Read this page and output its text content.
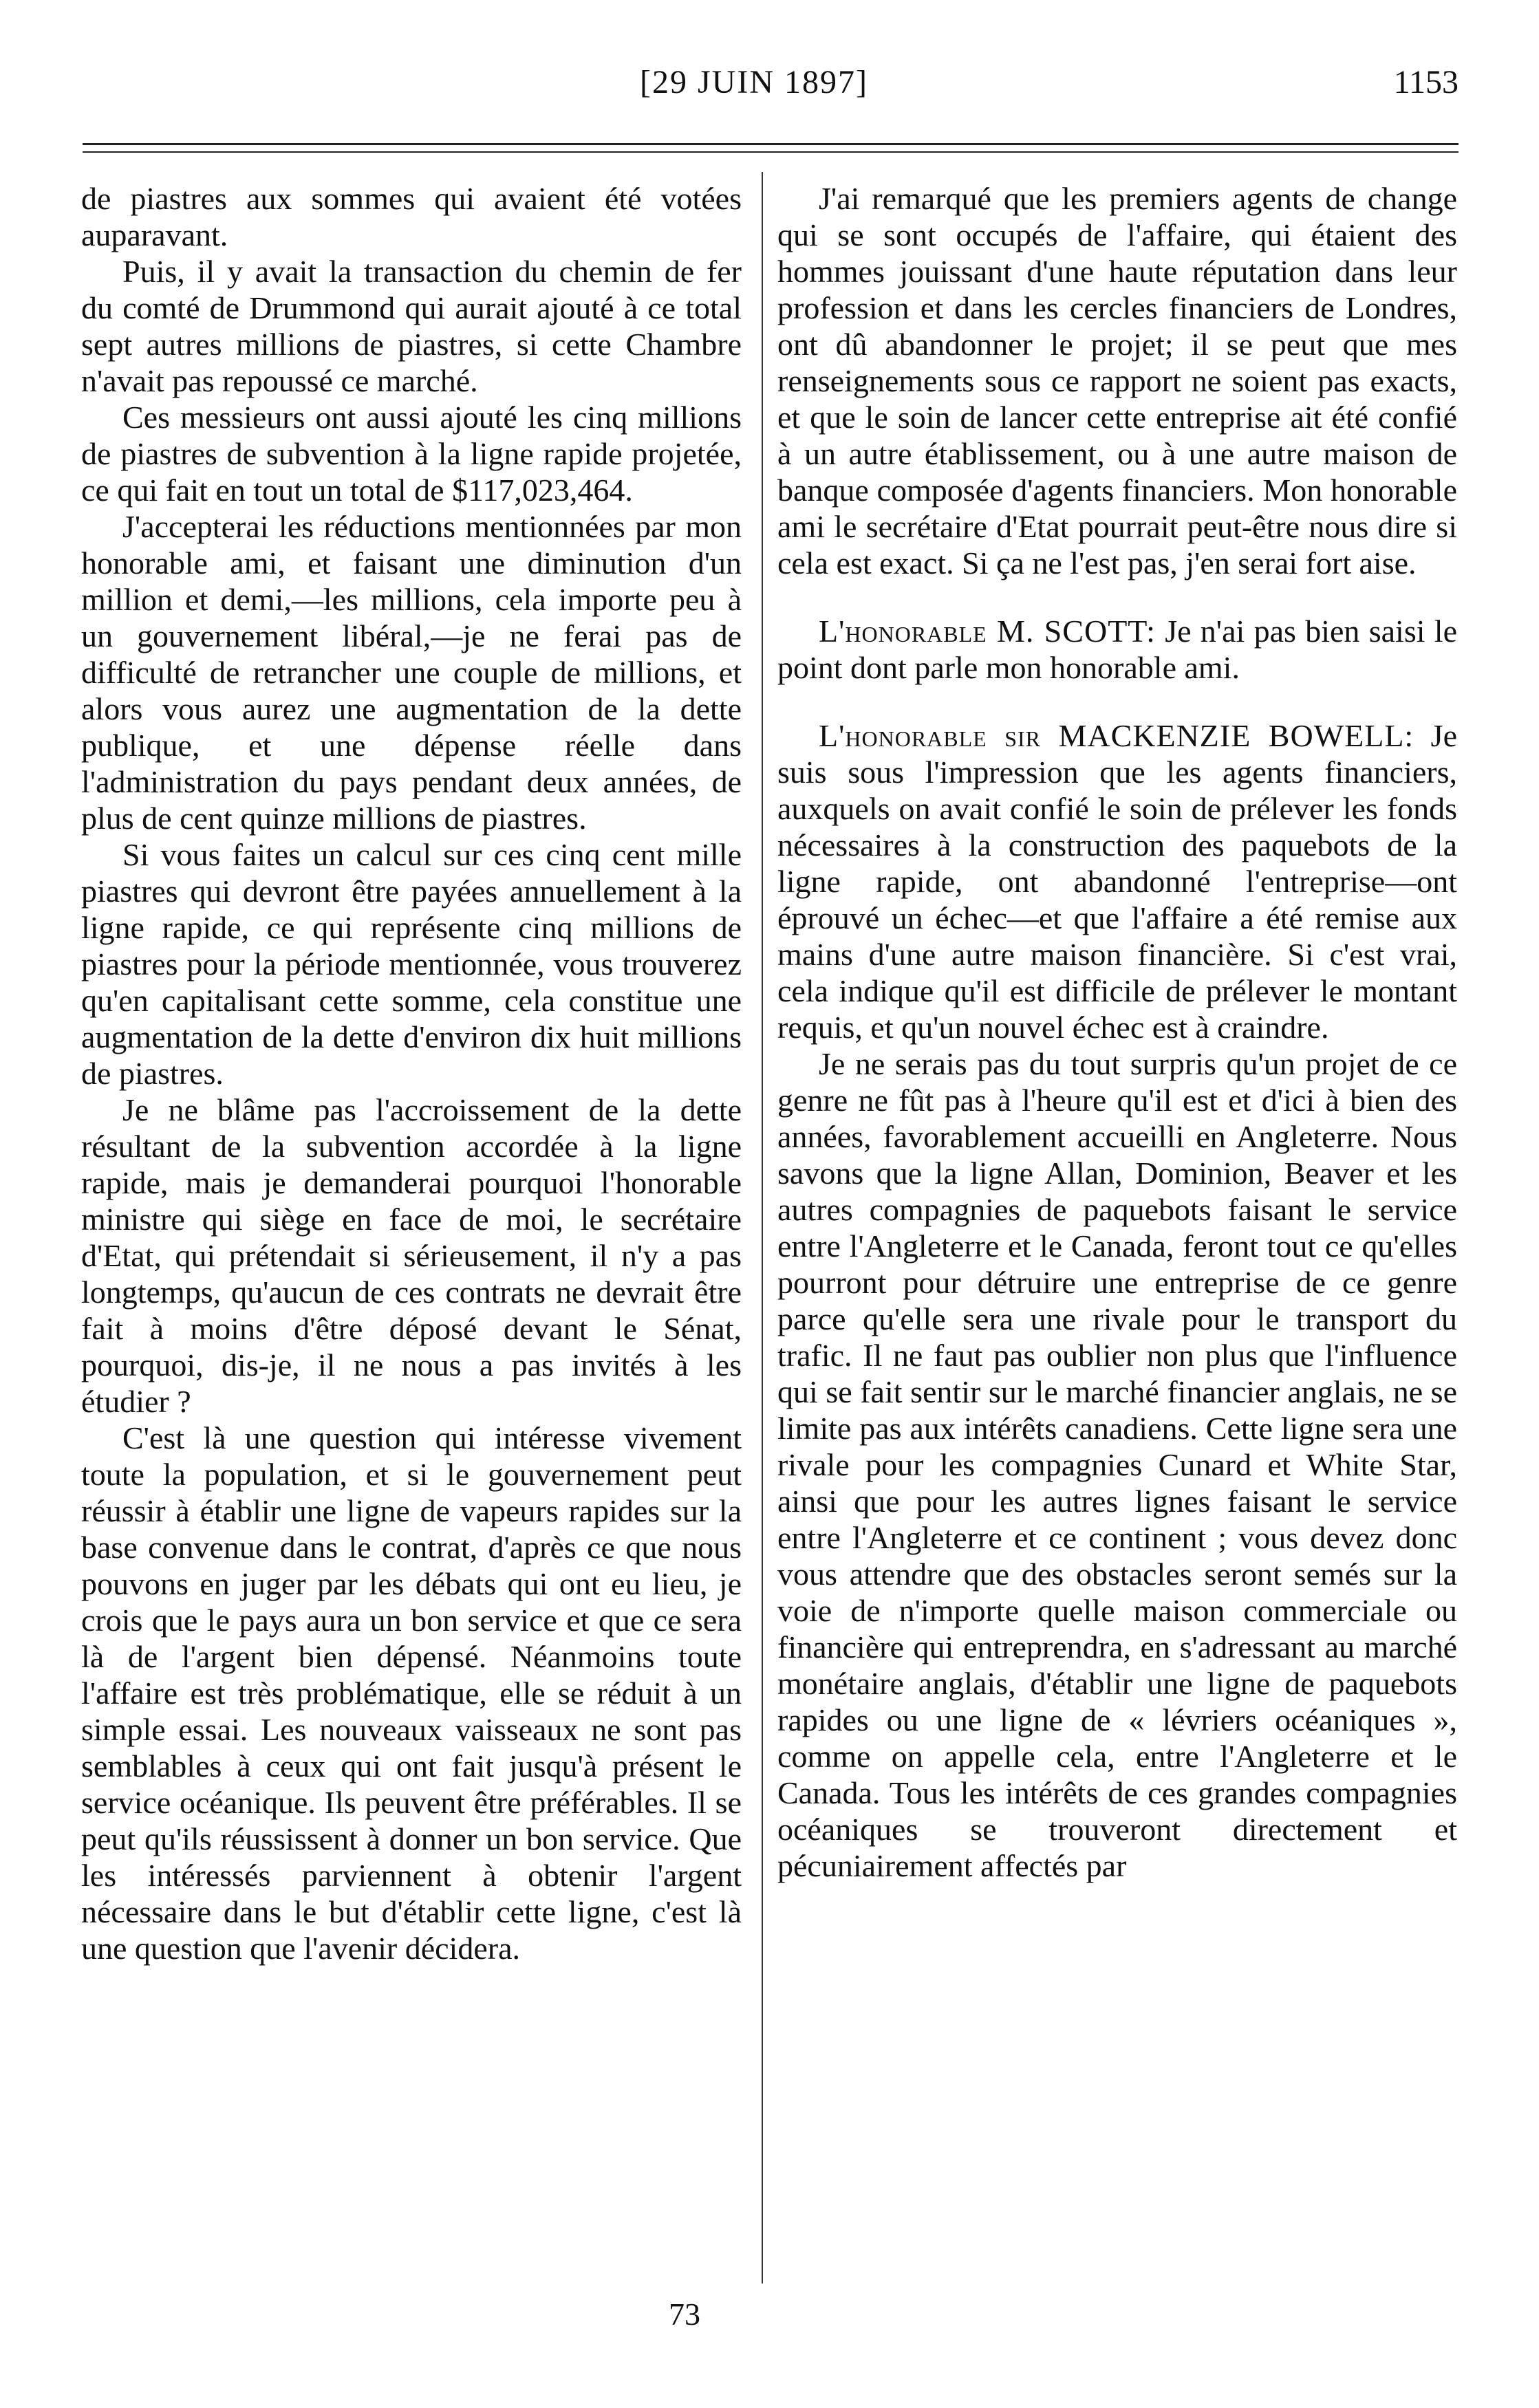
[29 JUIN 1897]	1153

de piastres aux sommes qui avaient été votées auparavant.

Puis, il y avait la transaction du chemin de fer du comté de Drummond qui aurait ajouté à ce total sept autres millions de piastres, si cette Chambre n'avait pas repoussé ce marché.

Ces messieurs ont aussi ajouté les cinq millions de piastres de subvention à la ligne rapide projetée, ce qui fait en tout un total de $117,023,464.

J'accepterai les réductions mentionnées par mon honorable ami, et faisant une diminution d'un million et demi,—les millions, cela importe peu à un gouvernement libéral,—je ne ferai pas de difficulté de retrancher une couple de millions, et alors vous aurez une augmentation de la dette publique, et une dépense réelle dans l'administration du pays pendant deux années, de plus de cent quinze millions de piastres.

Si vous faites un calcul sur ces cinq cent mille piastres qui devront être payées annuellement à la ligne rapide, ce qui représente cinq millions de piastres pour la période mentionnée, vous trouverez qu'en capitalisant cette somme, cela constitue une augmentation de la dette d'environ dix huit millions de piastres.

Je ne blâme pas l'accroissement de la dette résultant de la subvention accordée à la ligne rapide, mais je demanderai pourquoi l'honorable ministre qui siège en face de moi, le secrétaire d'Etat, qui prétendait si sérieusement, il n'y a pas longtemps, qu'aucun de ces contrats ne devrait être fait à moins d'être déposé devant le Sénat, pourquoi, dis-je, il ne nous a pas invités à les étudier ?

C'est là une question qui intéresse vivement toute la population, et si le gouvernement peut réussir à établir une ligne de vapeurs rapides sur la base convenue dans le contrat, d'après ce que nous pouvons en juger par les débats qui ont eu lieu, je crois que le pays aura un bon service et que ce sera là de l'argent bien dépensé. Néanmoins toute l'affaire est très problématique, elle se réduit à un simple essai. Les nouveaux vaisseaux ne sont pas semblables à ceux qui ont fait jusqu'à présent le service océanique. Ils peuvent être préférables. Il se peut qu'ils réussissent à donner un bon service. Que les intéressés parviennent à obtenir l'argent nécessaire dans le but d'établir cette ligne, c'est là une question que l'avenir décidera.

J'ai remarqué que les premiers agents de change qui se sont occupés de l'affaire, qui étaient des hommes jouissant d'une haute réputation dans leur profession et dans les cercles financiers de Londres, ont dû abandonner le projet; il se peut que mes renseignements sous ce rapport ne soient pas exacts, et que le soin de lancer cette entreprise ait été confié à un autre établissement, ou à une autre maison de banque composée d'agents financiers. Mon honorable ami le secrétaire d'Etat pourrait peut-être nous dire si cela est exact. Si ça ne l'est pas, j'en serai fort aise.

L'honorable M. SCOTT: Je n'ai pas bien saisi le point dont parle mon honorable ami.

L'honorable sir MACKENZIE BOWELL: Je suis sous l'impression que les agents financiers, auxquels on avait confié le soin de prélever les fonds nécessaires à la construction des paquebots de la ligne rapide, ont abandonné l'entreprise—ont éprouvé un échec—et que l'affaire a été remise aux mains d'une autre maison financière. Si c'est vrai, cela indique qu'il est difficile de prélever le montant requis, et qu'un nouvel échec est à craindre.

Je ne serais pas du tout surpris qu'un projet de ce genre ne fût pas à l'heure qu'il est et d'ici à bien des années, favorablement accueilli en Angleterre. Nous savons que la ligne Allan, Dominion, Beaver et les autres compagnies de paquebots faisant le service entre l'Angleterre et le Canada, feront tout ce qu'elles pourront pour détruire une entreprise de ce genre parce qu'elle sera une rivale pour le transport du trafic. Il ne faut pas oublier non plus que l'influence qui se fait sentir sur le marché financier anglais, ne se limite pas aux intérêts canadiens. Cette ligne sera une rivale pour les compagnies Cunard et White Star, ainsi que pour les autres lignes faisant le service entre l'Angleterre et ce continent ; vous devez donc vous attendre que des obstacles seront semés sur la voie de n'importe quelle maison commerciale ou financière qui entreprendra, en s'adressant au marché monétaire anglais, d'établir une ligne de paquebots rapides ou une ligne de « lévriers océaniques », comme on appelle cela, entre l'Angleterre et le Canada. Tous les intérêts de ces grandes compagnies océaniques se trouveront directement et pécuniairement affectés par

73
